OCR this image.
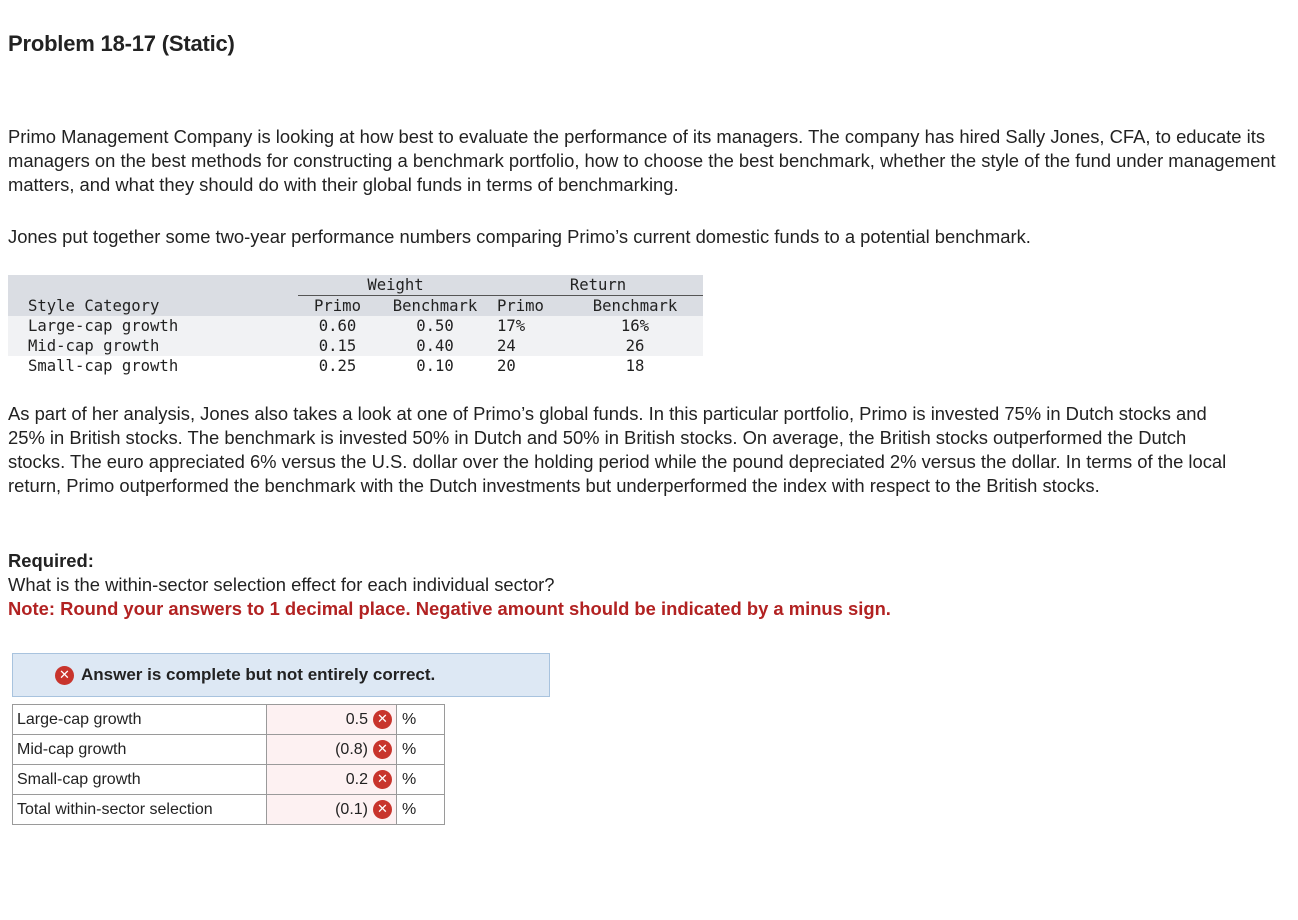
Problem 18-17 (Static)

Primo Management Company is looking at how best to evaluate the performance of its managers. The company has hired Sally Jones, CFA, to educate its managers on the best methods for constructing a benchmark portfolio, how to choose the best benchmark, whether the style of the fund under management matters, and what they should do with their global funds in terms of benchmarking.

Jones put together some two-year performance numbers comparing Primo’s current domestic funds to a potential benchmark.

	Weight		Return	
Style Category	Primo	Benchmark	Primo	Benchmark
Large-cap growth	0.60	0.50	17%	16%
Mid-cap growth	0.15	0.40	24	26
Small-cap growth	0.25	0.10	20	18

As part of her analysis, Jones also takes a look at one of Primo’s global funds. In this particular portfolio, Primo is invested 75% in Dutch stocks and 25% in British stocks. The benchmark is invested 50% in Dutch and 50% in British stocks. On average, the British stocks outperformed the Dutch stocks. The euro appreciated 6% versus the U.S. dollar over the holding period while the pound depreciated 2% versus the dollar. In terms of the local return, Primo outperformed the benchmark with the Dutch investments but underperformed the index with respect to the British stocks.

Required:
What is the within-sector selection effect for each individual sector?
Note: Round your answers to 1 decimal place. Negative amount should be indicated by a minus sign.
✕ Answer is complete but not entirely correct.
Large-cap growth	0.5 ✕	%
Mid-cap growth	(0.8) ✕	%
Small-cap growth	0.2 ✕	%
Total within-sector selection	(0.1) ✕	%
